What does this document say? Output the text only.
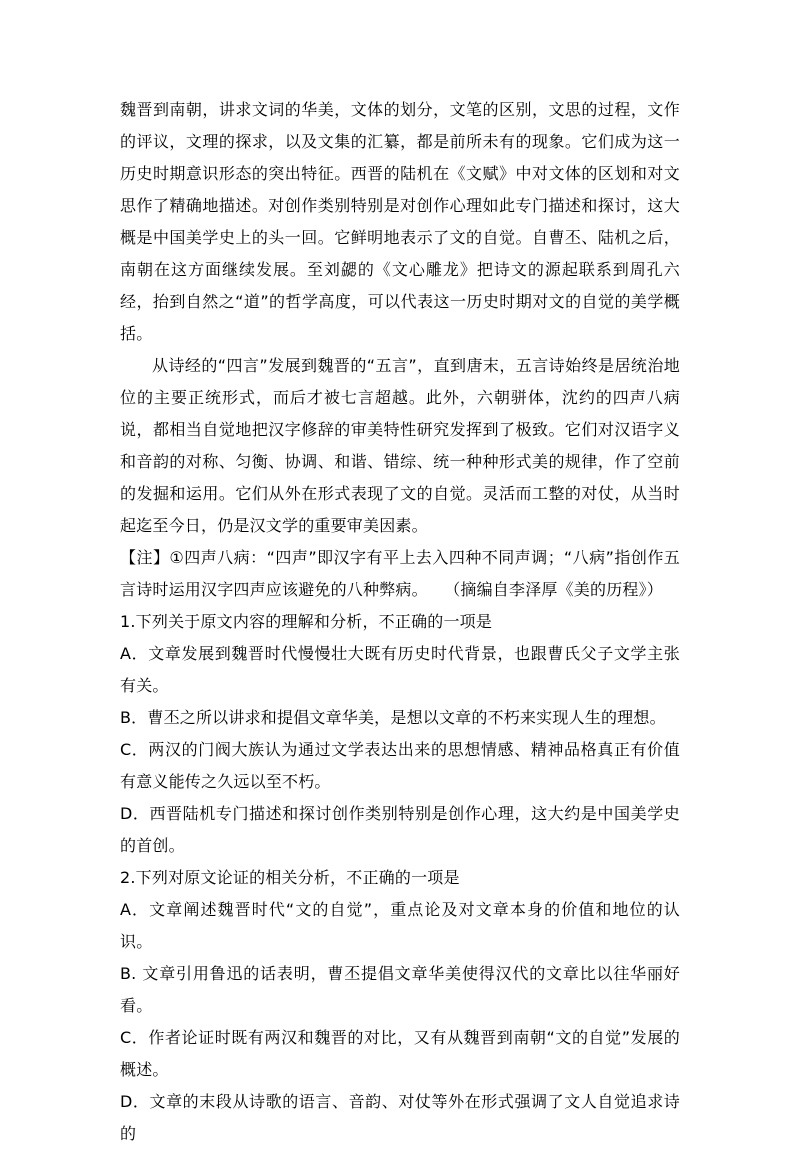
魏晋到南朝，讲求文词的华美，文体的划分，文笔的区别，文思的过程，文作的评议，文理的探求，以及文集的汇纂，都是前所未有的现象。它们成为这一历史时期意识形态的突出特征。西晋的陆机在《文赋》中对文体的区划和对文思作了精确地描述。对创作类别特别是对创作心理如此专门描述和探讨，这大概是中国美学史上的头一回。它鲜明地表示了文的自觉。自曹丕、陆机之后，南朝在这方面继续发展。至刘勰的《文心雕龙》把诗文的源起联系到周孔六经，抬到自然之“道”的哲学高度，可以代表这一历史时期对文的自觉的美学概括。

从诗经的“四言”发展到魏晋的“五言”，直到唐末，五言诗始终是居统治地位的主要正统形式，而后才被七言超越。此外，六朝骈体，沈约的四声八病说，都相当自觉地把汉字修辞的审美特性研究发挥到了极致。它们对汉语字义和音韵的对称、匀衡、协调、和谐、错综、统一种种形式美的规律，作了空前的发掘和运用。它们从外在形式表现了文的自觉。灵活而工整的对仗，从当时起迄至今日，仍是汉文学的重要审美因素。

【注】①四声八病：“四声”即汉字有平上去入四种不同声调；“八病”指创作五言诗时运用汉字四声应该避免的八种弊病。　　（摘编自李泽厚《美的历程》）

1.下列关于原文内容的理解和分析，不正确的一项是

A．文章发展到魏晋时代慢慢壮大既有历史时代背景，也跟曹氏父子文学主张有关。

B．曹丕之所以讲求和提倡文章华美，是想以文章的不朽来实现人生的理想。

C．两汉的门阀大族认为通过文学表达出来的思想情感、精神品格真正有价值有意义能传之久远以至不朽。

D．西晋陆机专门描述和探讨创作类别特别是创作心理，这大约是中国美学史的首创。

2.下列对原文论证的相关分析，不正确的一项是

A．文章阐述魏晋时代“文的自觉”，重点论及对文章本身的价值和地位的认识。

B. 文章引用鲁迅的话表明，曹丕提倡文章华美使得汉代的文章比以往华丽好看。

C．作者论证时既有两汉和魏晋的对比，又有从魏晋到南朝“文的自觉”发展的概述。

D．文章的末段从诗歌的语言、音韵、对仗等外在形式强调了文人自觉追求诗的
